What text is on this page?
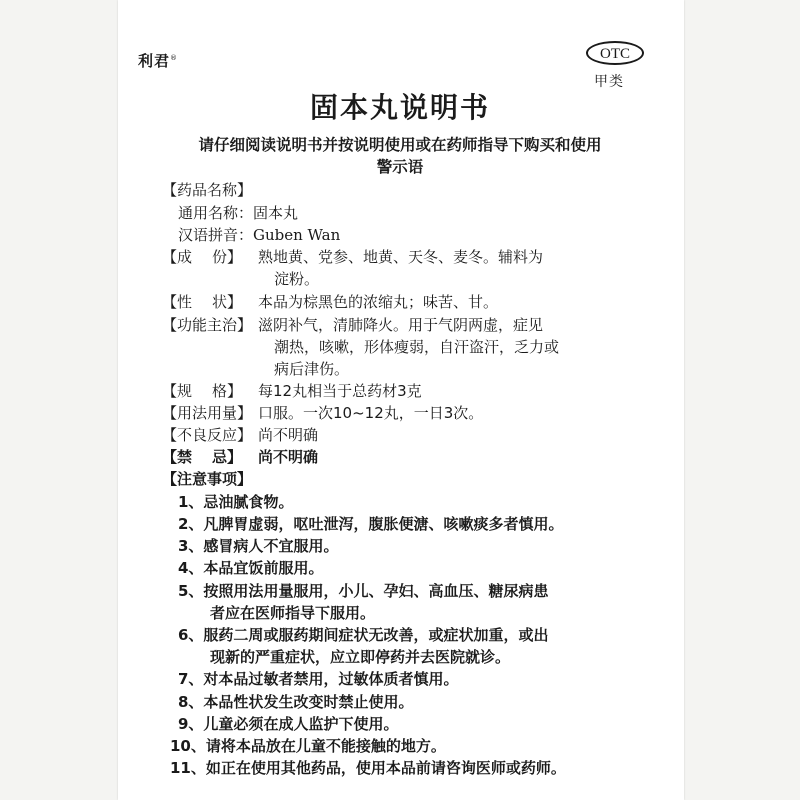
利君®	OTC
甲类
固本丸说明书
请仔细阅读说明书并按说明使用或在药师指导下购买和使用
警示语
【药品名称】
通用名称：固本丸
汉语拼音：Guben Wan
【成 份】 熟地黄、党参、地黄、天冬、麦冬。辅料为
淀粉。
【性 状】 本品为棕黑色的浓缩丸；味苦、甘。
【功能主治】 滋阴补气，清肺降火。用于气阴两虚，症见
潮热，咳嗽，形体瘦弱，自汗盗汗，乏力或
病后津伤。
【规 格】 每12丸相当于总药材3克
【用法用量】 口服。一次10~12丸，一日3次。
【不良反应】 尚不明确
【禁 忌】 尚不明确
【注意事项】
1、忌油腻食物。
2、凡脾胃虚弱，呕吐泄泻，腹胀便溏、咳嗽痰多者慎用。
3、感冒病人不宜服用。
4、本品宜饭前服用。
5、按照用法用量服用，小儿、孕妇、高血压、糖尿病患
者应在医师指导下服用。
6、服药二周或服药期间症状无改善，或症状加重，或出
现新的严重症状，应立即停药并去医院就诊。
7、对本品过敏者禁用，过敏体质者慎用。
8、本品性状发生改变时禁止使用。
9、儿童必须在成人监护下使用。
10、请将本品放在儿童不能接触的地方。
11、如正在使用其他药品，使用本品前请咨询医师或药师。
